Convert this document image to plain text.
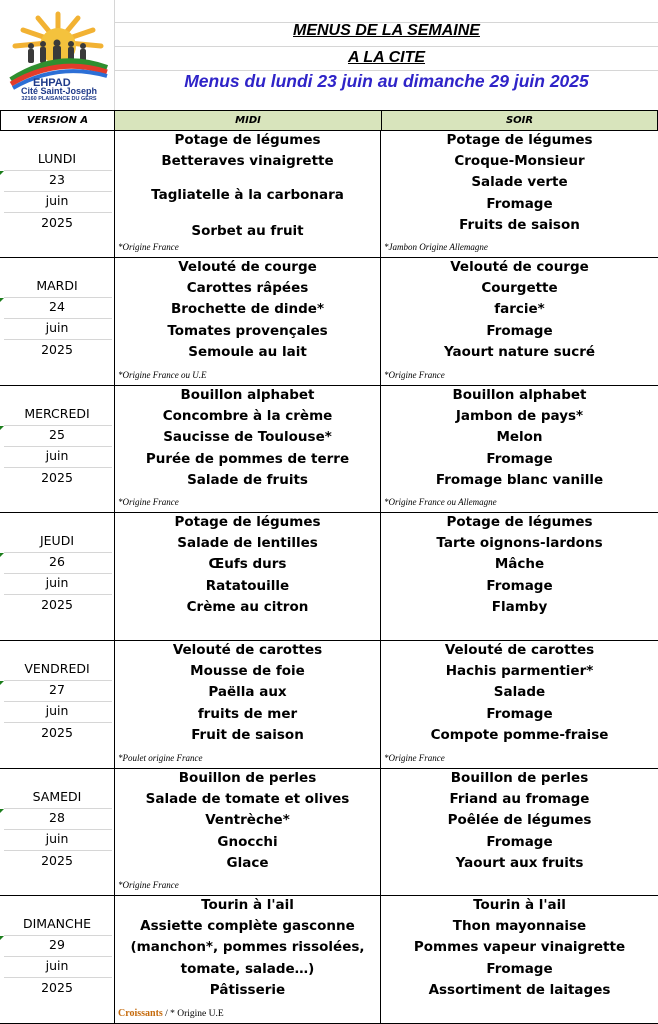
EHPAD
Cité Saint-Joseph
32160 PLAISANCE DU GERS
MENUS DE LA SEMAINE
A LA CITE
Menus du lundi 23 juin au dimanche 29 juin 2025
VERSION A	MIDI	SOIR
LUNDI
23
juin
2025
Potage de légumes
Betteraves vinaigrette
Tagliatelle à la carbonara
Sorbet au fruit
*Origine France
Potage de légumes
Croque-Monsieur
Salade verte
Fromage
Fruits de saison
*Jambon Origine Allemagne
MARDI
24
juin
2025
Velouté de courge
Carottes râpées
Brochette de dinde*
Tomates provençales
Semoule au lait
*Origine France ou U.E
Velouté de courge
Courgette
farcie*
Fromage
Yaourt nature sucré
*Origine France
MERCREDI
25
juin
2025
Bouillon alphabet
Concombre à la crème
Saucisse de Toulouse*
Purée de pommes de terre
Salade de fruits
*Origine France
Bouillon alphabet
Jambon de pays*
Melon
Fromage
Fromage blanc vanille
*Origine France ou Allemagne
JEUDI
26
juin
2025
Potage de légumes
Salade de lentilles
Œufs durs
Ratatouille
Crème au citron
Potage de légumes
Tarte oignons-lardons
Mâche
Fromage
Flamby
VENDREDI
27
juin
2025
Velouté de carottes
Mousse de foie
Paëlla aux
fruits de mer
Fruit de saison
*Poulet origine France
Velouté de carottes
Hachis parmentier*
Salade
Fromage
Compote pomme-fraise
*Origine France
SAMEDI
28
juin
2025
Bouillon de perles
Salade de tomate et olives
Ventrèche*
Gnocchi
Glace
*Origine France
Bouillon de perles
Friand au fromage
Poêlée de légumes
Fromage
Yaourt aux fruits
DIMANCHE
29
juin
2025
Tourin à l'ail
Assiette complète gasconne
(manchon*, pommes rissolées,
tomate, salade…)
Pâtisserie
Croissants / * Origine U.E
Tourin à l'ail
Thon mayonnaise
Pommes vapeur vinaigrette
Fromage
Assortiment de laitages
